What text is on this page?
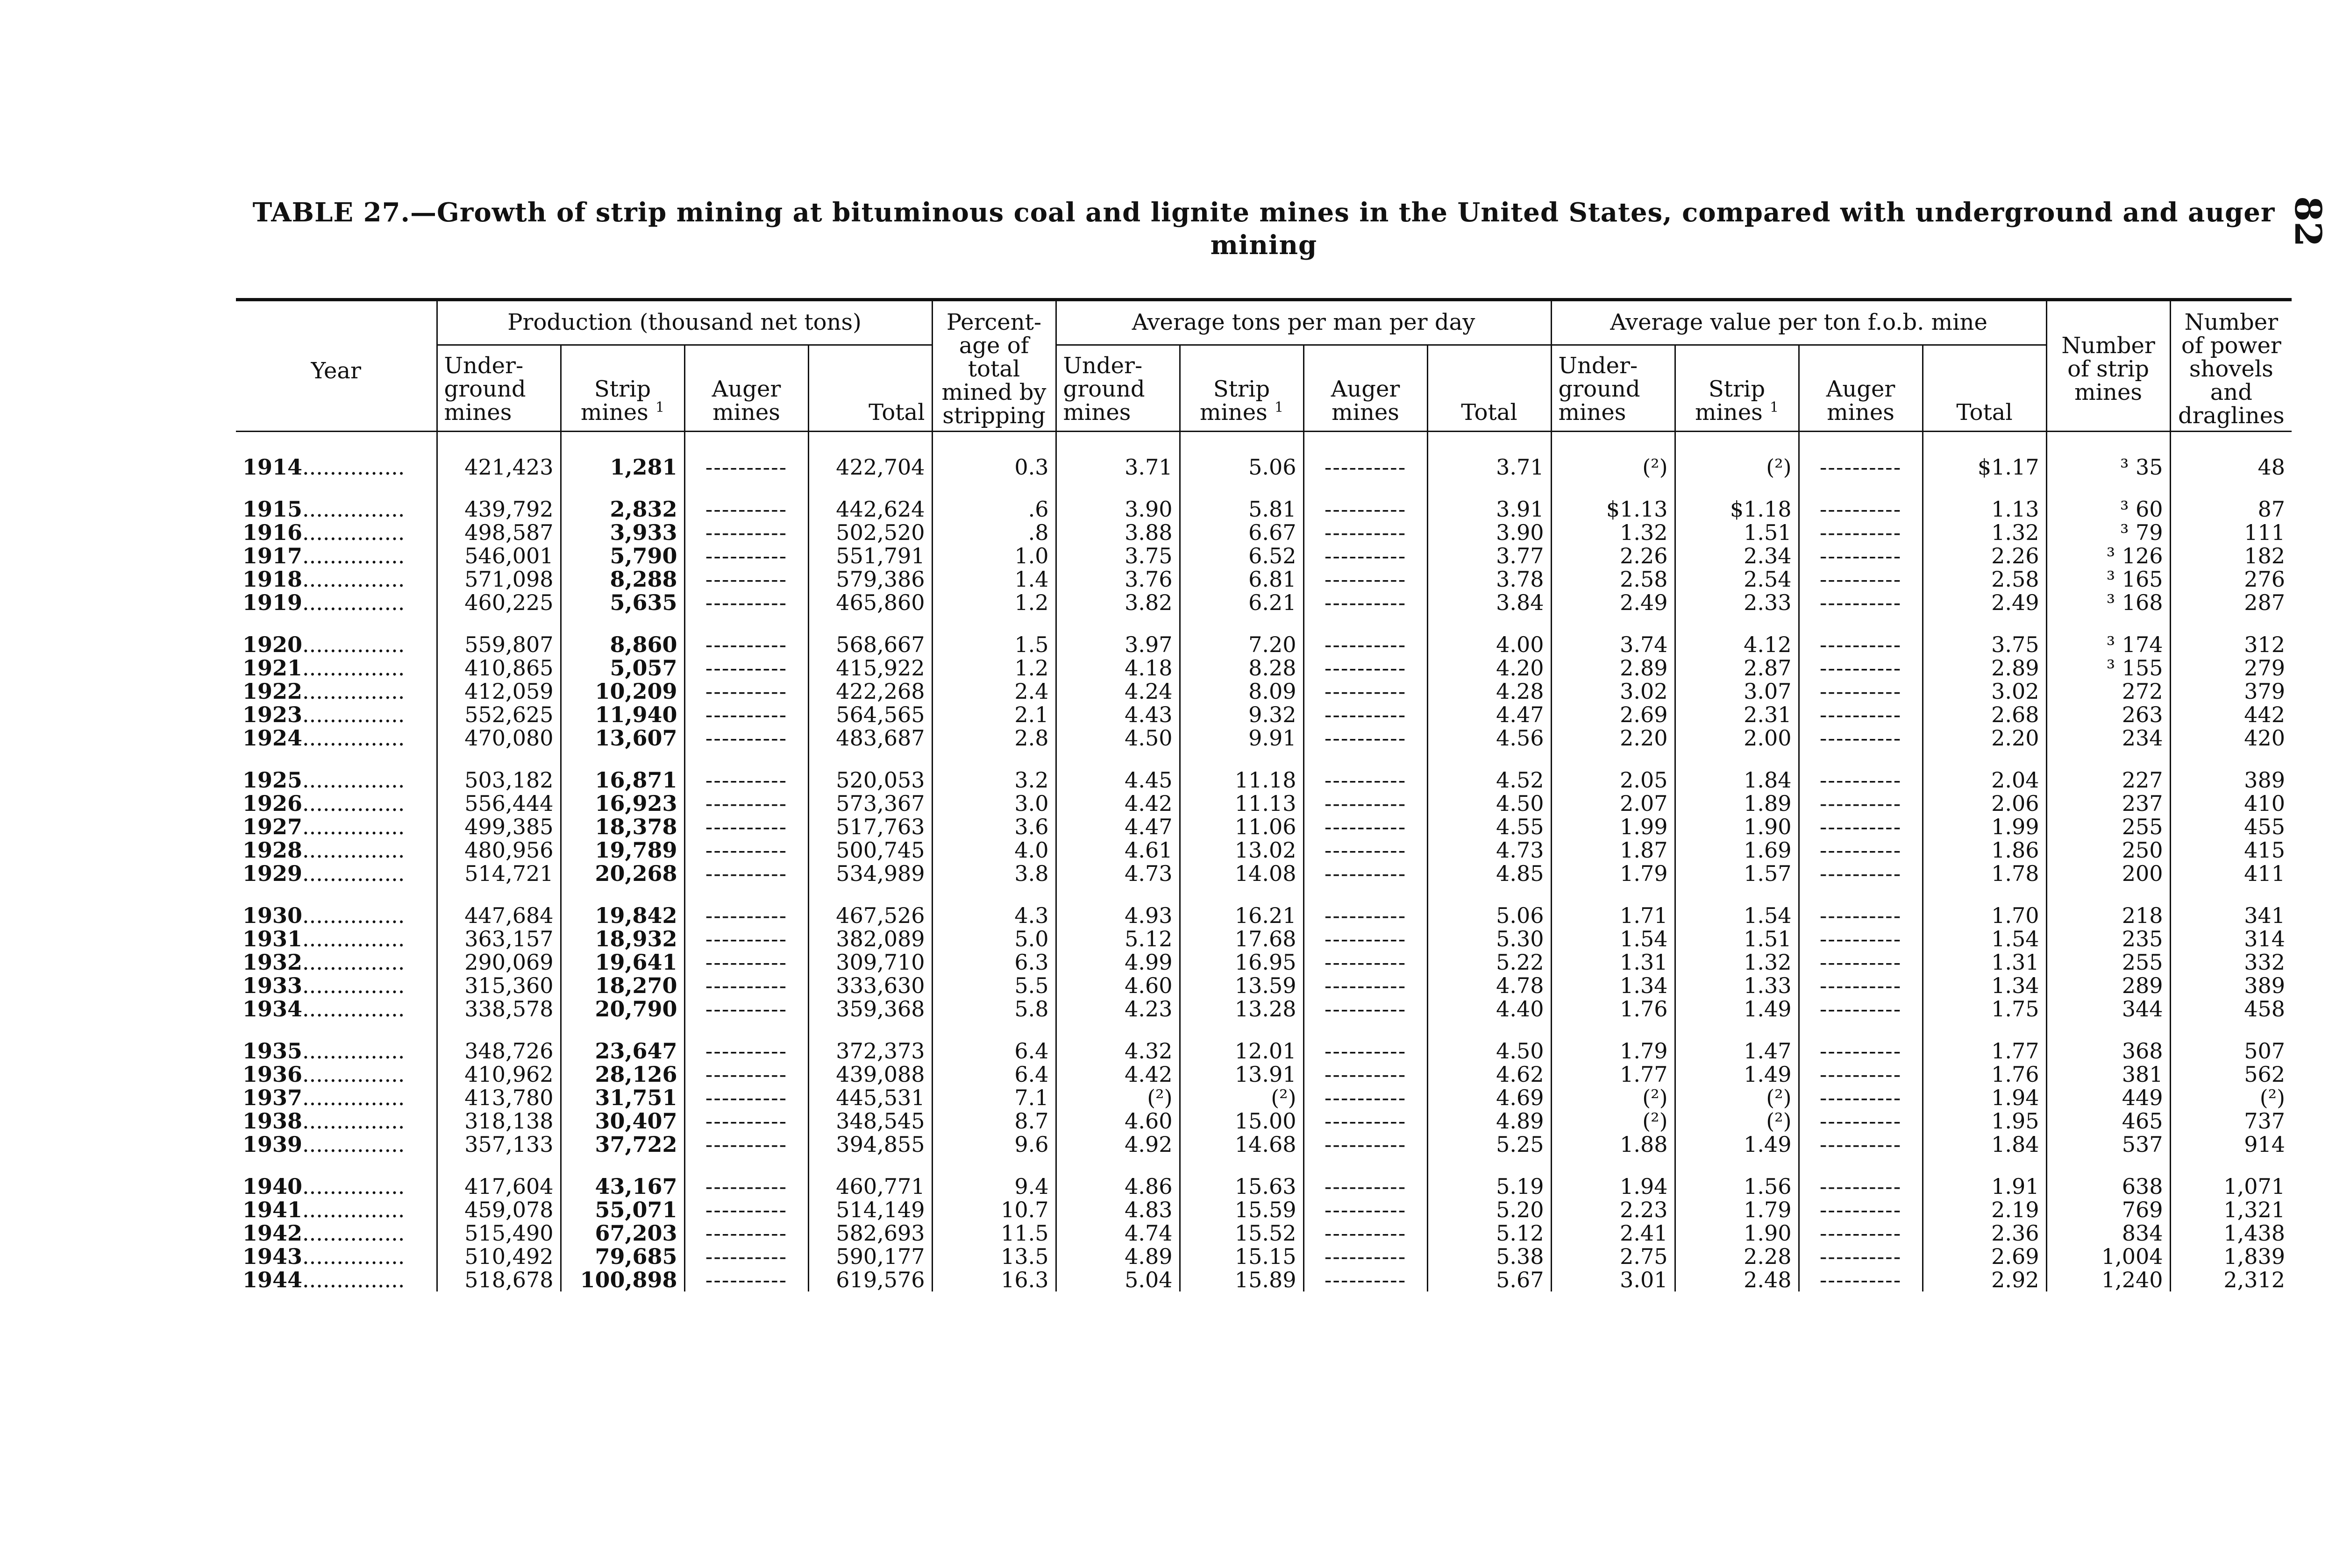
TABLE 27.—Growth of strip mining at bituminous coal and lignite mines in the United States, compared with underground and auger
mining	82
Year	Production (thousand net tons)				Percent-age of total mined by stripping	Average tons per man per day				Average value per ton f.o.b. mine				Number of strip mines	Number of power shovels and draglines
	Under-ground mines	Strip mines $^1$	Auger mines	Total		Under-ground mines	Strip mines $^1$	Auger mines	Total	Under-ground mines	Strip mines $^1$	Auger mines	Total		

1914...............	421,423	1,281	----------	422,704	0.3	3.71	5.06	----------	3.71	(²)	(²)	----------	$1.17	³ 35	48
1915...............	439,792	2,832	----------	442,624	.6	3.90	5.81	----------	3.91	$1.13	$1.18	----------	1.13	³ 60	87
1916...............	498,587	3,933	----------	502,520	.8	3.88	6.67	----------	3.90	1.32	1.51	----------	1.32	³ 79	111
1917...............	546,001	5,790	----------	551,791	1.0	3.75	6.52	----------	3.77	2.26	2.34	----------	2.26	³ 126	182
1918...............	571,098	8,288	----------	579,386	1.4	3.76	6.81	----------	3.78	2.58	2.54	----------	2.58	³ 165	276
1919...............	460,225	5,635	----------	465,860	1.2	3.82	6.21	----------	3.84	2.49	2.33	----------	2.49	³ 168	287
1920...............	559,807	8,860	----------	568,667	1.5	3.97	7.20	----------	4.00	3.74	4.12	----------	3.75	³ 174	312
1921...............	410,865	5,057	----------	415,922	1.2	4.18	8.28	----------	4.20	2.89	2.87	----------	2.89	³ 155	279
1922...............	412,059	10,209	----------	422,268	2.4	4.24	8.09	----------	4.28	3.02	3.07	----------	3.02	272	379
1923...............	552,625	11,940	----------	564,565	2.1	4.43	9.32	----------	4.47	2.69	2.31	----------	2.68	263	442
1924...............	470,080	13,607	----------	483,687	2.8	4.50	9.91	----------	4.56	2.20	2.00	----------	2.20	234	420
1925...............	503,182	16,871	----------	520,053	3.2	4.45	11.18	----------	4.52	2.05	1.84	----------	2.04	227	389
1926...............	556,444	16,923	----------	573,367	3.0	4.42	11.13	----------	4.50	2.07	1.89	----------	2.06	237	410
1927...............	499,385	18,378	----------	517,763	3.6	4.47	11.06	----------	4.55	1.99	1.90	----------	1.99	255	455
1928...............	480,956	19,789	----------	500,745	4.0	4.61	13.02	----------	4.73	1.87	1.69	----------	1.86	250	415
1929...............	514,721	20,268	----------	534,989	3.8	4.73	14.08	----------	4.85	1.79	1.57	----------	1.78	200	411
1930...............	447,684	19,842	----------	467,526	4.3	4.93	16.21	----------	5.06	1.71	1.54	----------	1.70	218	341
1931...............	363,157	18,932	----------	382,089	5.0	5.12	17.68	----------	5.30	1.54	1.51	----------	1.54	235	314
1932...............	290,069	19,641	----------	309,710	6.3	4.99	16.95	----------	5.22	1.31	1.32	----------	1.31	255	332
1933...............	315,360	18,270	----------	333,630	5.5	4.60	13.59	----------	4.78	1.34	1.33	----------	1.34	289	389
1934...............	338,578	20,790	----------	359,368	5.8	4.23	13.28	----------	4.40	1.76	1.49	----------	1.75	344	458
1935...............	348,726	23,647	----------	372,373	6.4	4.32	12.01	----------	4.50	1.79	1.47	----------	1.77	368	507
1936...............	410,962	28,126	----------	439,088	6.4	4.42	13.91	----------	4.62	1.77	1.49	----------	1.76	381	562
1937...............	413,780	31,751	----------	445,531	7.1	(²)	(²)	----------	4.69	(²)	(²)	----------	1.94	449	(²)
1938...............	318,138	30,407	----------	348,545	8.7	4.60	15.00	----------	4.89	(²)	(²)	----------	1.95	465	737
1939...............	357,133	37,722	----------	394,855	9.6	4.92	14.68	----------	5.25	1.88	1.49	----------	1.84	537	914
1940...............	417,604	43,167	----------	460,771	9.4	4.86	15.63	----------	5.19	1.94	1.56	----------	1.91	638	1,071
1941...............	459,078	55,071	----------	514,149	10.7	4.83	15.59	----------	5.20	2.23	1.79	----------	2.19	769	1,321
1942...............	515,490	67,203	----------	582,693	11.5	4.74	15.52	----------	5.12	2.41	1.90	----------	2.36	834	1,438
1943...............	510,492	79,685	----------	590,177	13.5	4.89	15.15	----------	5.38	2.75	2.28	----------	2.69	1,004	1,839
1944...............	518,678	100,898	----------	619,576	16.3	5.04	15.89	----------	5.67	3.01	2.48	----------	2.92	1,240	2,312
